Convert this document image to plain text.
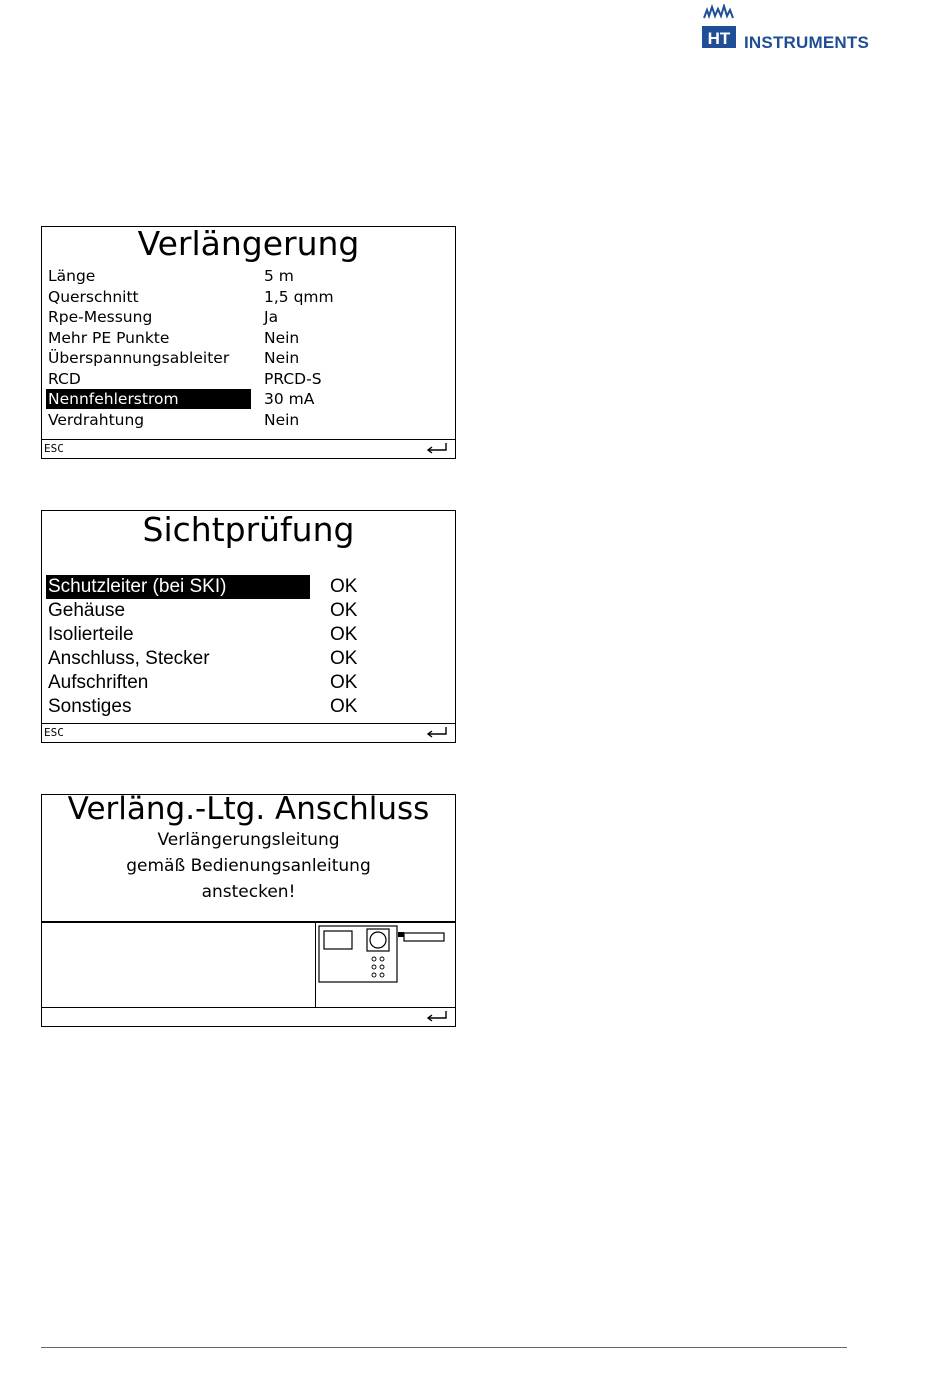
HT INSTRUMENTS
Verlängerung
Länge	5 m
Querschnitt	1,5 qmm
Rpe-Messung	Ja
Mehr PE Punkte	Nein
Überspannungsableiter	Nein
RCD	PRCD-S
Nennfehlerstrom	30 mA
Verdrahtung	Nein
ESC
Sichtprüfung
Schutzleiter (bei SKI)	OK
Gehäuse	OK
Isolierteile	OK
Anschluss, Stecker	OK
Aufschriften	OK
Sonstiges	OK
ESC
Verläng.-Ltg. Anschluss
Verlängerungsleitung
gemäß Bedienungsanleitung
anstecken!
